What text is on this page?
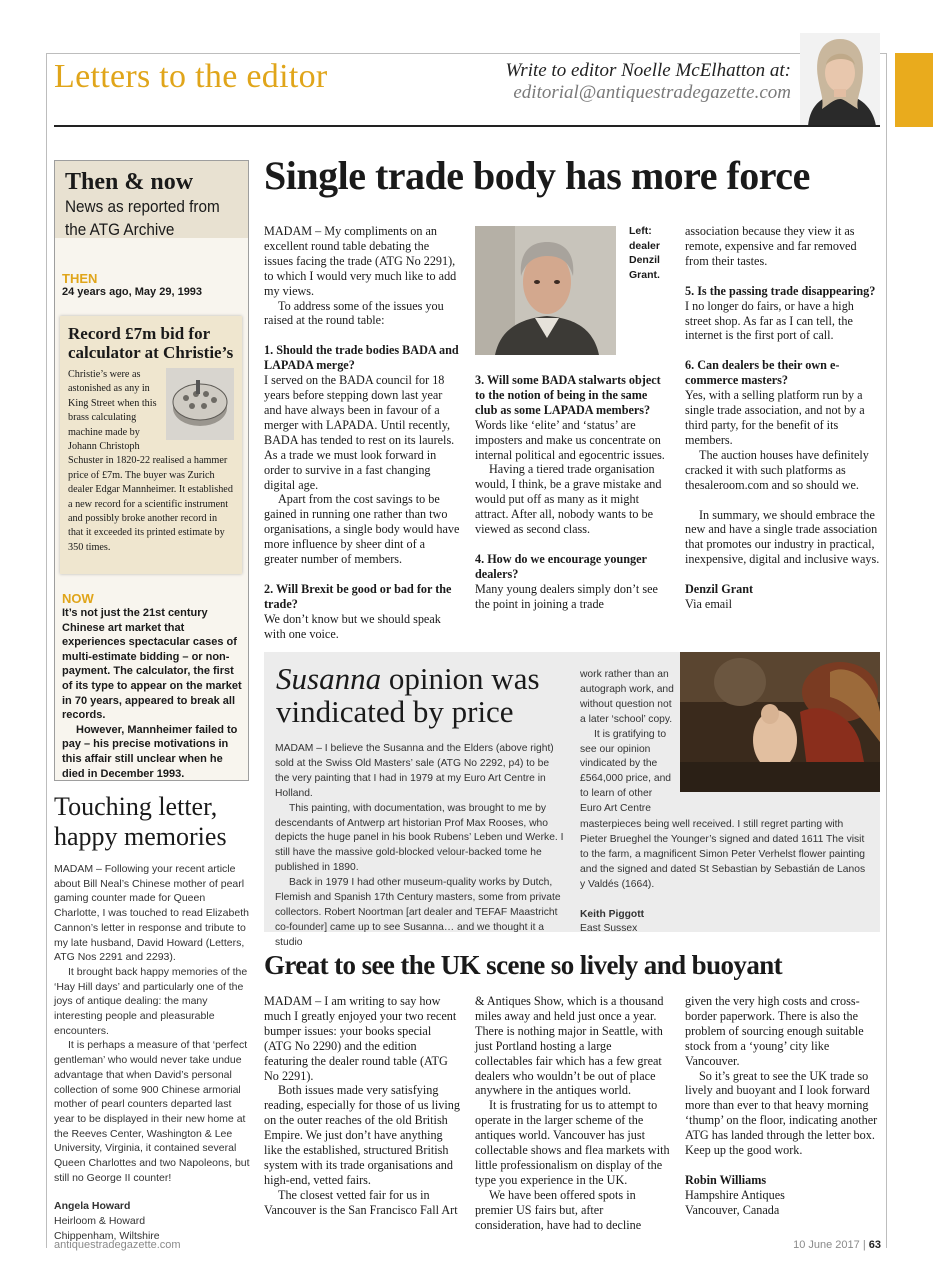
Letters to the editor	Write to editor Noelle McElhatton at:
editorial@antiquestradegazette.com

Then & now

News as reported from

the ATG Archive

THEN

24 years ago, May 29, 1993

Record £7m bid for calculator at Christie’s

Christie’s were as astonished as any in King Street when this brass calculating machine made by Johann Christoph Schuster in 1820-22 realised a hammer price of £7m. The buyer was Zurich dealer Edgar Mannheimer. It established a new record for a scientific instrument and possibly broke another record in that it exceeded its printed estimate by 350 times.

NOW

It’s not just the 21st century Chinese art market that experiences spectacular cases of multi-estimate bidding – or non-payment. The calculator, the first of its type to appear on the market in 70 years, appeared to break all records.

However, Mannheimer failed to pay – his precise motivations in this affair still unclear when he died in December 1993.

Touching letter, happy memories

MADAM – Following your recent article about Bill Neal’s Chinese mother of pearl gaming counter made for Queen Charlotte, I was touched to read Elizabeth Cannon’s letter in response and tribute to my late husband, David Howard (Letters, ATG Nos 2291 and 2293).

It brought back happy memories of the ‘Hay Hill days’ and particularly one of the joys of antique dealing: the many interesting people and pleasurable encounters.

It is perhaps a measure of that ‘perfect gentleman’ who would never take undue advantage that when David’s personal collection of some 900 Chinese armorial mother of pearl counters departed last year to be displayed in their new home at the Reeves Center, Washington & Lee University, Virginia, it contained several Queen Charlottes and two Napoleons, but still no George II counter!

Angela Howard

Heirloom & Howard

Chippenham, Wiltshire

Single trade body has more force

MADAM – My compliments on an excellent round table debating the issues facing the trade (ATG No 2291), to which I would very much like to add my views.

To address some of the issues you raised at the round table:

1. Should the trade bodies BADA and LAPADA merge?

I served on the BADA council for 18 years before stepping down last year and have always been in favour of a merger with LAPADA. Until recently, BADA has tended to rest on its laurels. As a trade we must look forward in order to survive in a fast changing digital age.

Apart from the cost savings to be gained in running one rather than two organisations, a single body would have more influence by sheer dint of a greater number of members.

2. Will Brexit be good or bad for the trade?

We don’t know but we should speak with one voice.

Left: dealer Denzil Grant.

3. Will some BADA stalwarts object to the notion of being in the same club as some LAPADA members?

Words like ‘elite’ and ‘status’ are imposters and make us concentrate on internal political and egocentric issues.

Having a tiered trade organisation would, I think, be a grave mistake and would put off as many as it might attract. After all, nobody wants to be viewed as second class.

4. How do we encourage younger dealers?

Many young dealers simply don’t see the point in joining a trade

association because they view it as remote, expensive and far removed from their tastes.

5. Is the passing trade disappearing?

I no longer do fairs, or have a high street shop. As far as I can tell, the internet is the first port of call.

6. Can dealers be their own e-commerce masters?

Yes, with a selling platform run by a single trade association, and not by a third party, for the benefit of its members.

The auction houses have definitely cracked it with such platforms as thesaleroom.com and so should we.

In summary, we should embrace the new and have a single trade association that promotes our industry in practical, inexpensive, digital and inclusive ways.

Denzil Grant

Via email

Susanna opinion was vindicated by price

MADAM – I believe the Susanna and the Elders (above right) sold at the Swiss Old Masters’ sale (ATG No 2292, p4) to be the very painting that I had in 1979 at my Euro Art Centre in Holland.

This painting, with documentation, was brought to me by descendants of Antwerp art historian Prof Max Rooses, who depicts the huge panel in his book Rubens’ Leben und Werke. I still have the massive gold-blocked velour-backed tome he published in 1890.

Back in 1979 I had other museum-quality works by Dutch, Flemish and Spanish 17th Century masters, some from private collectors. Robert Noortman [art dealer and TEFAF Maastricht co-founder] came up to see Susanna… and we thought it a studio

work rather than an autograph work, and without question not a later ‘school’ copy.

It is gratifying to see our opinion vindicated by the £564,000 price, and to learn of other Euro Art Centre

masterpieces being well received. I still regret parting with Pieter Brueghel the Younger’s signed and dated 1611 The visit to the farm, a magnificent Simon Peter Verhelst flower painting and the signed and dated St Sebastian by Sebastián de Lanos y Valdés (1664).

Keith Piggott

East Sussex

Great to see the UK scene so lively and buoyant

MADAM – I am writing to say how much I greatly enjoyed your two recent bumper issues: your books special (ATG No 2290) and the edition featuring the dealer round table (ATG No 2291).

Both issues made very satisfying reading, especially for those of us living on the outer reaches of the old British Empire. We just don’t have anything like the established, structured British system with its trade organisations and high-end, vetted fairs.

The closest vetted fair for us in Vancouver is the San Francisco Fall Art

& Antiques Show, which is a thousand miles away and held just once a year. There is nothing major in Seattle, with just Portland hosting a large collectables fair which has a few great dealers who wouldn’t be out of place anywhere in the antiques world.

It is frustrating for us to attempt to operate in the larger scheme of the antiques world. Vancouver has just collectable shows and flea markets with little professionalism on display of the type you experience in the UK.

We have been offered spots in premier US fairs but, after consideration, have had to decline

given the very high costs and cross-border paperwork. There is also the problem of sourcing enough suitable stock from a ‘young’ city like Vancouver.

So it’s great to see the UK trade so lively and buoyant and I look forward more than ever to that heavy morning ‘thump’ on the floor, indicating another ATG has landed through the letter box. Keep up the good work.

Robin Williams

Hampshire Antiques

Vancouver, Canada

antiquestradegazette.com	10 June 2017 | 63
